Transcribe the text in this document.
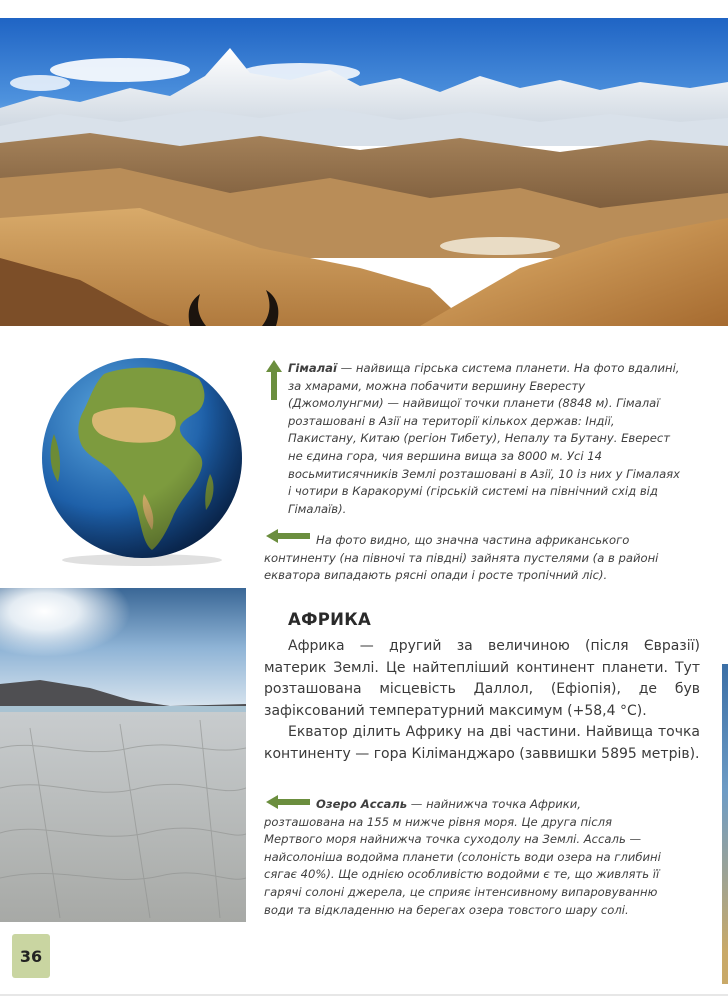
Гімалаї — найвища гірська система планети. На фото вдалині, за хмарами, можна побачити вершину Евересту (Джомолунгми) — найвищої точки планети (8848 м). Гімалаї розташовані в Азії на території кількох держав: Індії, Пакистану, Китаю (регіон Тибету), Непалу та Бутану. Еверест не єдина гора, чия вершина вища за 8000 м. Усі 14 восьмитисячників Землі розташовані в Азії, 10 із них у Гімалаях і чотири в Каракорумі (гірській системі на північний схід від Гімалаїв).

На фото видно, що значна частина африканського континенту (на півночі та півдні) зайнята пустелями (а в районі екватора випадають рясні опади і росте тропічний ліс).

АФРИКА

Африка — другий за величиною (після Євразії) материк Землі. Це найтепліший континент планети. Тут розташована місцевість Даллол, (Ефіопія), де був зафіксований температурний максимум (+58,4 °C).

Екватор ділить Африку на дві частини. Найвища точка континенту — гора Кіліманджаро (заввишки 5895 метрів).

Озеро Ассаль — найнижча точка Африки, розташована на 155 м нижче рівня моря. Це друга після Мертвого моря найнижча точка суходолу на Землі. Ассаль — найсолоніша водойма планети (солоність води озера на глибині сягає 40%). Ще однією особливістю водойми є те, що живлять її гарячі солоні джерела, це сприяє інтенсивному випаровуванню води та відкладенню на берегах озера товстого шару солі.

36
